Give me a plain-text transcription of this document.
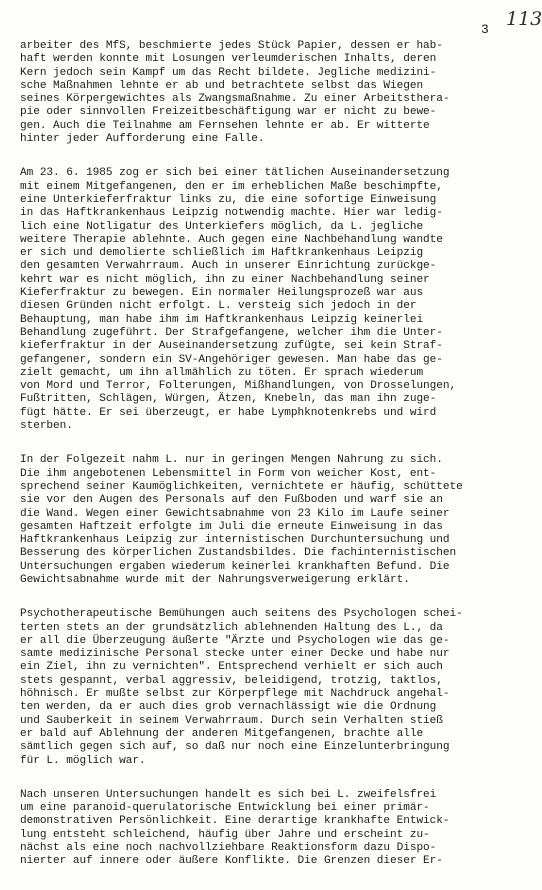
3 113
arbeiter des MfS, beschmierte jedes Stück Papier, dessen er hab-
haft werden konnte mit Losungen verleumderischen Inhalts, deren
Kern jedoch sein Kampf um das Recht bildete. Jegliche medizini-
sche Maßnahmen lehnte er ab und betrachtete selbst das Wiegen
seines Körpergewichtes als Zwangsmaßnahme. Zu einer Arbeitsthera-
pie oder sinnvollen Freizeitbeschäftigung war er nicht zu bewe-
gen. Auch die Teilnahme am Fernsehen lehnte er ab. Er witterte
hinter jeder Aufforderung eine Falle.
Am 23. 6. 1985 zog er sich bei einer tätlichen Auseinandersetzung
mit einem Mitgefangenen, den er im erheblichen Maße beschimpfte,
eine Unterkieferfraktur links zu, die eine sofortige Einweisung
in das Haftkrankenhaus Leipzig notwendig machte. Hier war ledig-
lich eine Notligatur des Unterkiefers möglich, da L. jegliche
weitere Therapie ablehnte. Auch gegen eine Nachbehandlung wandte
er sich und demolierte schließlich im Haftkrankenhaus Leipzig
den gesamten Verwahrraum. Auch in unserer Einrichtung zurückge-
kehrt war es nicht möglich, ihn zu einer Nachbehandlung seiner
Kieferfraktur zu bewegen. Ein normaler Heilungsprozeß war aus
diesen Gründen nicht erfolgt. L. versteig sich jedoch in der
Behauptung, man habe ihm im Haftkrankenhaus Leipzig keinerlei
Behandlung zugeführt. Der Strafgefangene, welcher ihm die Unter-
kieferfraktur in der Auseinandersetzung zufügte, sei kein Straf-
gefangener, sondern ein SV-Angehöriger gewesen. Man habe das ge-
zielt gemacht, um ihn allmählich zu töten. Er sprach wiederum
von Mord und Terror, Folterungen, Mißhandlungen, von Drosselungen,
Fußtritten, Schlägen, Würgen, Ätzen, Knebeln, das man ihn zuge-
fügt hätte. Er sei überzeugt, er habe Lymphknotenkrebs und wird
sterben.
In der Folgezeit nahm L. nur in geringen Mengen Nahrung zu sich.
Die ihm angebotenen Lebensmittel in Form von weicher Kost, ent-
sprechend seiner Kaumöglichkeiten, vernichtete er häufig, schüttete
sie vor den Augen des Personals auf den Fußboden und warf sie an
die Wand. Wegen einer Gewichtsabnahme von 23 Kilo im Laufe seiner
gesamten Haftzeit erfolgte im Juli die erneute Einweisung in das
Haftkrankenhaus Leipzig zur internistischen Durchuntersuchung und
Besserung des körperlichen Zustandsbildes. Die fachinternistischen
Untersuchungen ergaben wiederum keinerlei krankhaften Befund. Die
Gewichtsabnahme wurde mit der Nahrungsverweigerung erklärt.
Psychotherapeutische Bemühungen auch seitens des Psychologen schei-
terten stets an der grundsätzlich ablehnenden Haltung des L., da
er all die Überzeugung äußerte "Ärzte und Psychologen wie das ge-
samte medizinische Personal stecke unter einer Decke und habe nur
ein Ziel, ihn zu vernichten". Entsprechend verhielt er sich auch
stets gespannt, verbal aggressiv, beleidigend, trotzig, taktlos,
höhnisch. Er mußte selbst zur Körperpflege mit Nachdruck angehal-
ten werden, da er auch dies grob vernachlässigt wie die Ordnung
und Sauberkeit in seinem Verwahrraum. Durch sein Verhalten stieß
er bald auf Ablehnung der anderen Mitgefangenen, brachte alle
sämtlich gegen sich auf, so daß nur noch eine Einzelunterbringung
für L. möglich war.
Nach unseren Untersuchungen handelt es sich bei L. zweifelsfrei
um eine paranoid-querulatorische Entwicklung bei einer primär-
demonstrativen Persönlichkeit. Eine derartige krankhafte Entwick-
lung entsteht schleichend, häufig über Jahre und erscheint zu-
nächst als eine noch nachvollziehbare Reaktionsform dazu Dispo-
nierter auf innere oder äußere Konflikte. Die Grenzen dieser Er-
